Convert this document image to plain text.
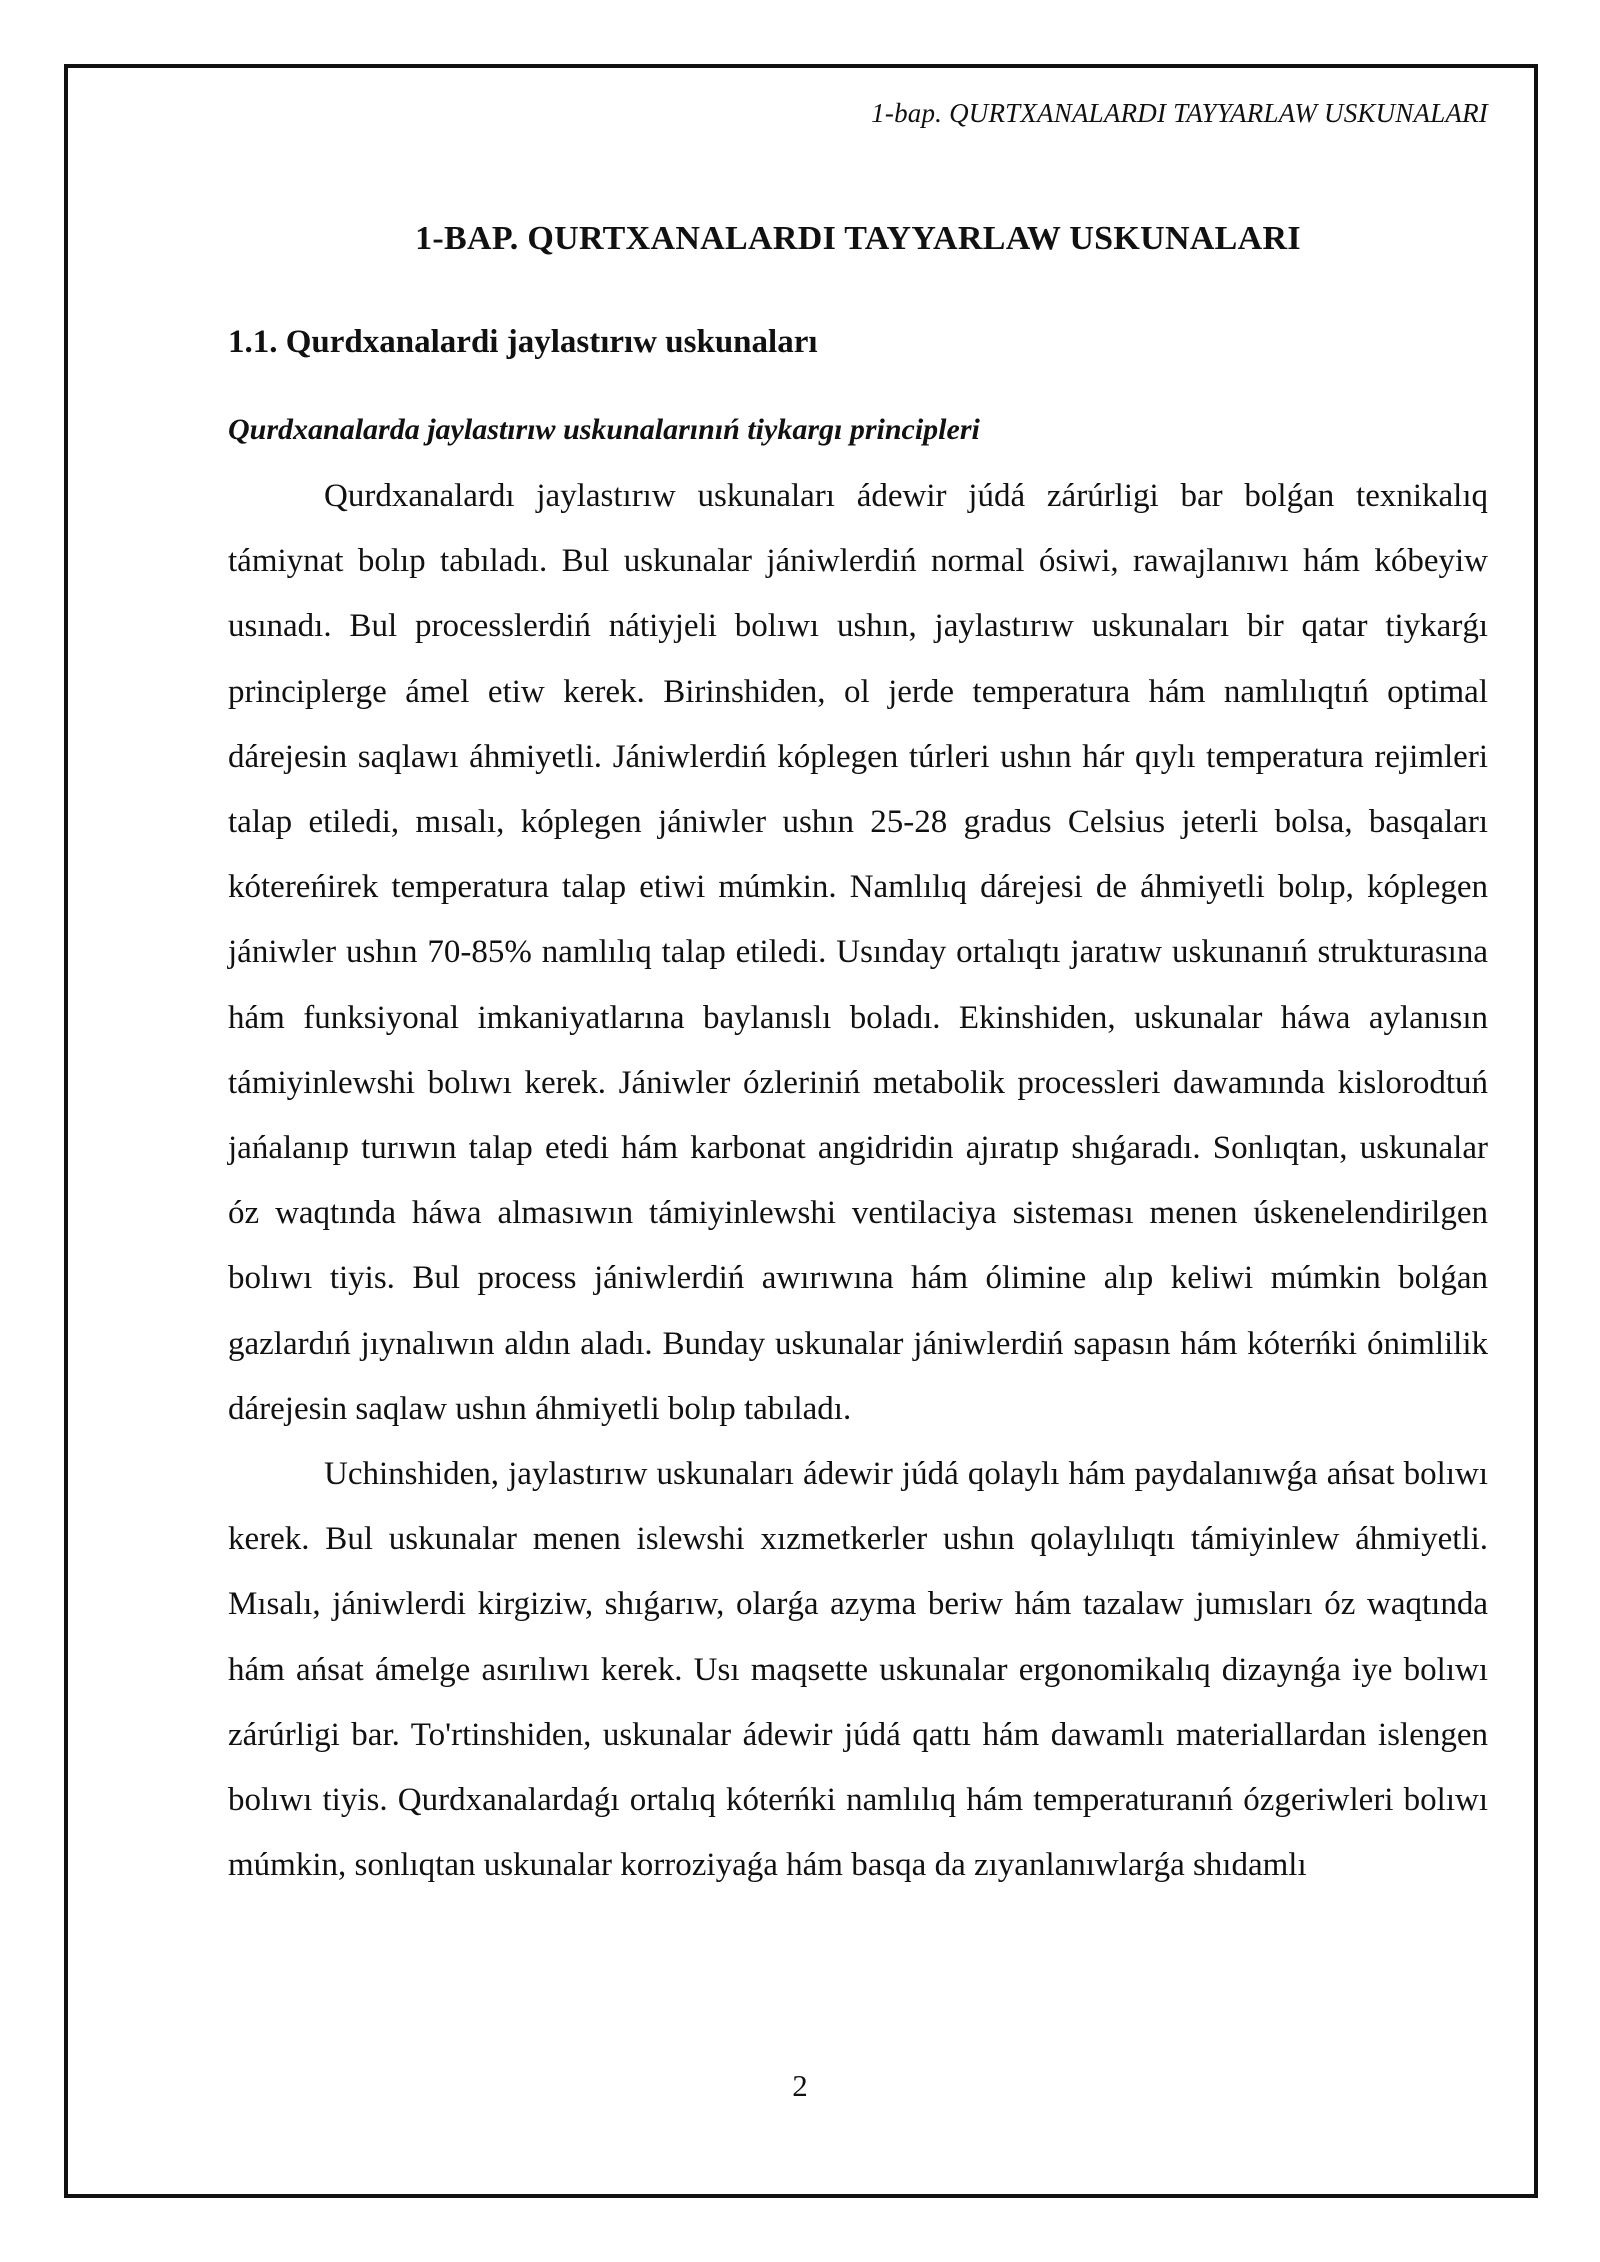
1-bap. QURTXANALARDI TAYYARLAW USKUNALARI
1-BAP. QURTXANALARDI TAYYARLAW USKUNALARI
1.1. Qurdxanalardi jaylastırıw uskunaları
Qurdxanalarda jaylastırıw uskunalarınıń tiykargı principleri

Qurdxanalardı jaylastırıw uskunaları ádewir júdá zárúrligi bar bolǵan texnikalıq támiynat bolıp tabıladı. Bul uskunalar jániwlerdiń normal ósiwi, rawajlanıwı hám kóbeyiw usınadı. Bul processlerdiń nátiyjeli bolıwı ushın, jaylastırıw uskunaları bir qatar tiykarǵı principlerge ámel etiw kerek. Birinshiden, ol jerde temperatura hám namlılıqtıń optimal dárejesin saqlawı áhmiyetli. Jániwlerdiń kóplegen túrleri ushın hár qıylı temperatura rejimleri talap etiledi, mısalı, kóplegen jániwler ushın 25-28 gradus Celsius jeterli bolsa, basqaları kótereńirek temperatura talap etiwi múmkin. Namlılıq dárejesi de áhmiyetli bolıp, kóplegen jániwler ushın 70-85% namlılıq talap etiledi. Usınday ortalıqtı jaratıw uskunanıń strukturasına hám funksiyonal imkaniyatlarına baylanıslı boladı. Ekinshiden, uskunalar háwa aylanısın támiyinlewshi bolıwı kerek. Jániwler ózleriniń metabolik processleri dawamında kislorodtuń jańalanıp turıwın talap etedi hám karbonat angidridin ajıratıp shıǵaradı. Sonlıqtan, uskunalar óz waqtında háwa almasıwın támiyinlewshi ventilaciya sisteması menen úskenelendirilgen bolıwı tiyis. Bul process jániwlerdiń awırıwına hám ólimine alıp keliwi múmkin bolǵan gazlardıń jıynalıwın aldın aladı. Bunday uskunalar jániwlerdiń sapasın hám kóterńki ónimlilik dárejesin saqlaw ushın áhmiyetli bolıp tabıladı.

Uchinshiden, jaylastırıw uskunaları ádewir júdá qolaylı hám paydalanıwǵa ańsat bolıwı kerek. Bul uskunalar menen islewshi xızmetkerler ushın qolaylılıqtı támiyinlew áhmiyetli. Mısalı, jániwlerdi kirgiziw, shıǵarıw, olarǵa azyma beriw hám tazalaw jumısları óz waqtında hám ańsat ámelge asırılıwı kerek. Usı maqsette uskunalar ergonomikalıq dizaynǵa iye bolıwı zárúrligi bar. To'rtinshiden, uskunalar ádewir júdá qattı hám dawamlı materiallardan islengen bolıwı tiyis. Qurdxanalardaǵı ortalıq kóterńki namlılıq hám temperaturanıń ózgeriwleri bolıwı múmkin, sonlıqtan uskunalar korroziyaǵa hám basqa da zıyanlanıwlarǵa shıdamlı

2
